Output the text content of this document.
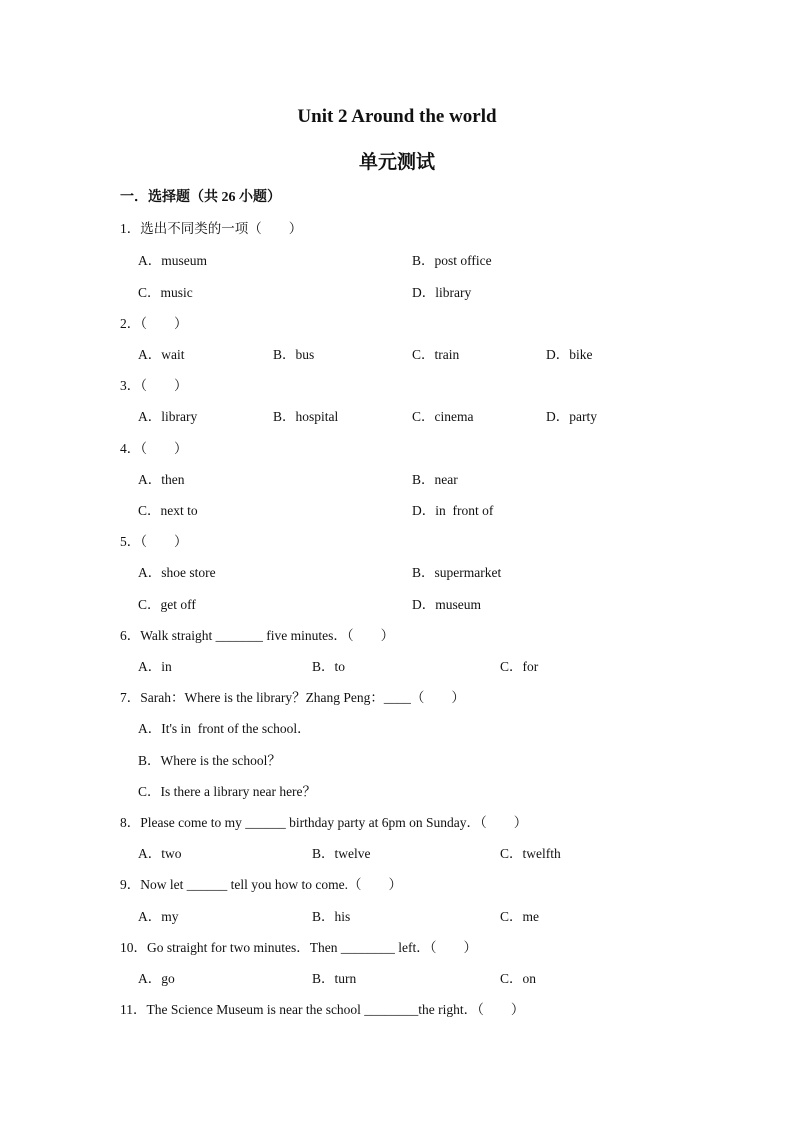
Unit 2 Around the world
单元测试
一．选择题（共 26 小题）
1．选出不同类的一项（　　）
A．museum	B．post office
C．music	D．library
2．（　　）
A．wait	B．bus	C．train	D．bike
3．（　　）
A．library	B．hospital	C．cinema	D．party
4．（　　）
A．then	B．near
C．next to	D．in  front of
5．（　　）
A．shoe store	B．supermarket
C．get off	D．museum
6．Walk straight _______ five minutes．（　　）
A．in	B．to	C．for
7．Sarah：Where is the library？Zhang Peng：____（　　）
A．It's in  front of the school．
B．Where is the school？
C．Is there a library near here？
8．Please come to my ______ birthday party at 6pm on Sunday．（　　）
A．two	B．twelve	C．twelfth
9．Now let ______ tell you how to come.（　　）
A．my	B．his	C．me
10．Go straight for two minutes．Then ________ left．（　　）
A．go	B．turn	C．on
11．The Science Museum is near the school ________the right．（　　）
